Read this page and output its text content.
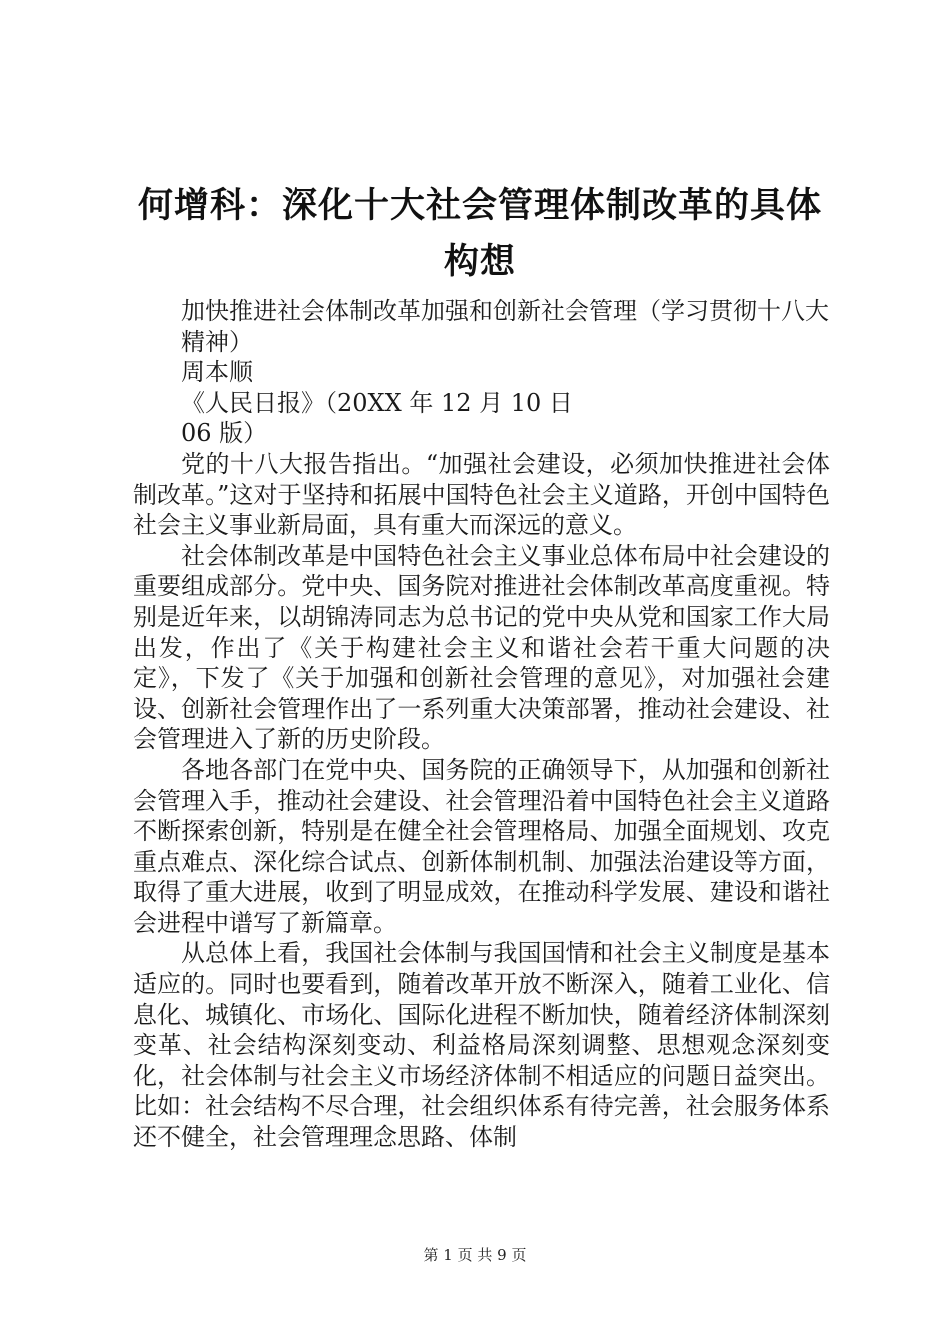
何增科：深化十大社会管理体制改革的具体构想

加快推进社会体制改革加强和创新社会管理（学习贯彻十八大

精神）

周本顺

《人民日报》（20XX 年 12 月 10 日

06 版）

党的十八大报告指出。“加强社会建设，必须加快推进社会体制改革。”这对于坚持和拓展中国特色社会主义道路，开创中国特色社会主义事业新局面，具有重大而深远的意义。

社会体制改革是中国特色社会主义事业总体布局中社会建设的重要组成部分。党中央、国务院对推进社会体制改革高度重视。特别是近年来，以胡锦涛同志为总书记的党中央从党和国家工作大局出发，作出了《关于构建社会主义和谐社会若干重大问题的决定》，下发了《关于加强和创新社会管理的意见》，对加强社会建设、创新社会管理作出了一系列重大决策部署，推动社会建设、社会管理进入了新的历史阶段。

各地各部门在党中央、国务院的正确领导下，从加强和创新社会管理入手，推动社会建设、社会管理沿着中国特色社会主义道路不断探索创新，特别是在健全社会管理格局、加强全面规划、攻克重点难点、深化综合试点、创新体制机制、加强法治建设等方面，取得了重大进展，收到了明显成效，在推动科学发展、建设和谐社会进程中谱写了新篇章。

从总体上看，我国社会体制与我国国情和社会主义制度是基本适应的。同时也要看到，随着改革开放不断深入，随着工业化、信息化、城镇化、市场化、国际化进程不断加快，随着经济体制深刻变革、社会结构深刻变动、利益格局深刻调整、思想观念深刻变化，社会体制与社会主义市场经济体制不相适应的问题日益突出。比如：社会结构不尽合理，社会组织体系有待完善，社会服务体系还不健全，社会管理理念思路、体制

第 1 页 共 9 页
